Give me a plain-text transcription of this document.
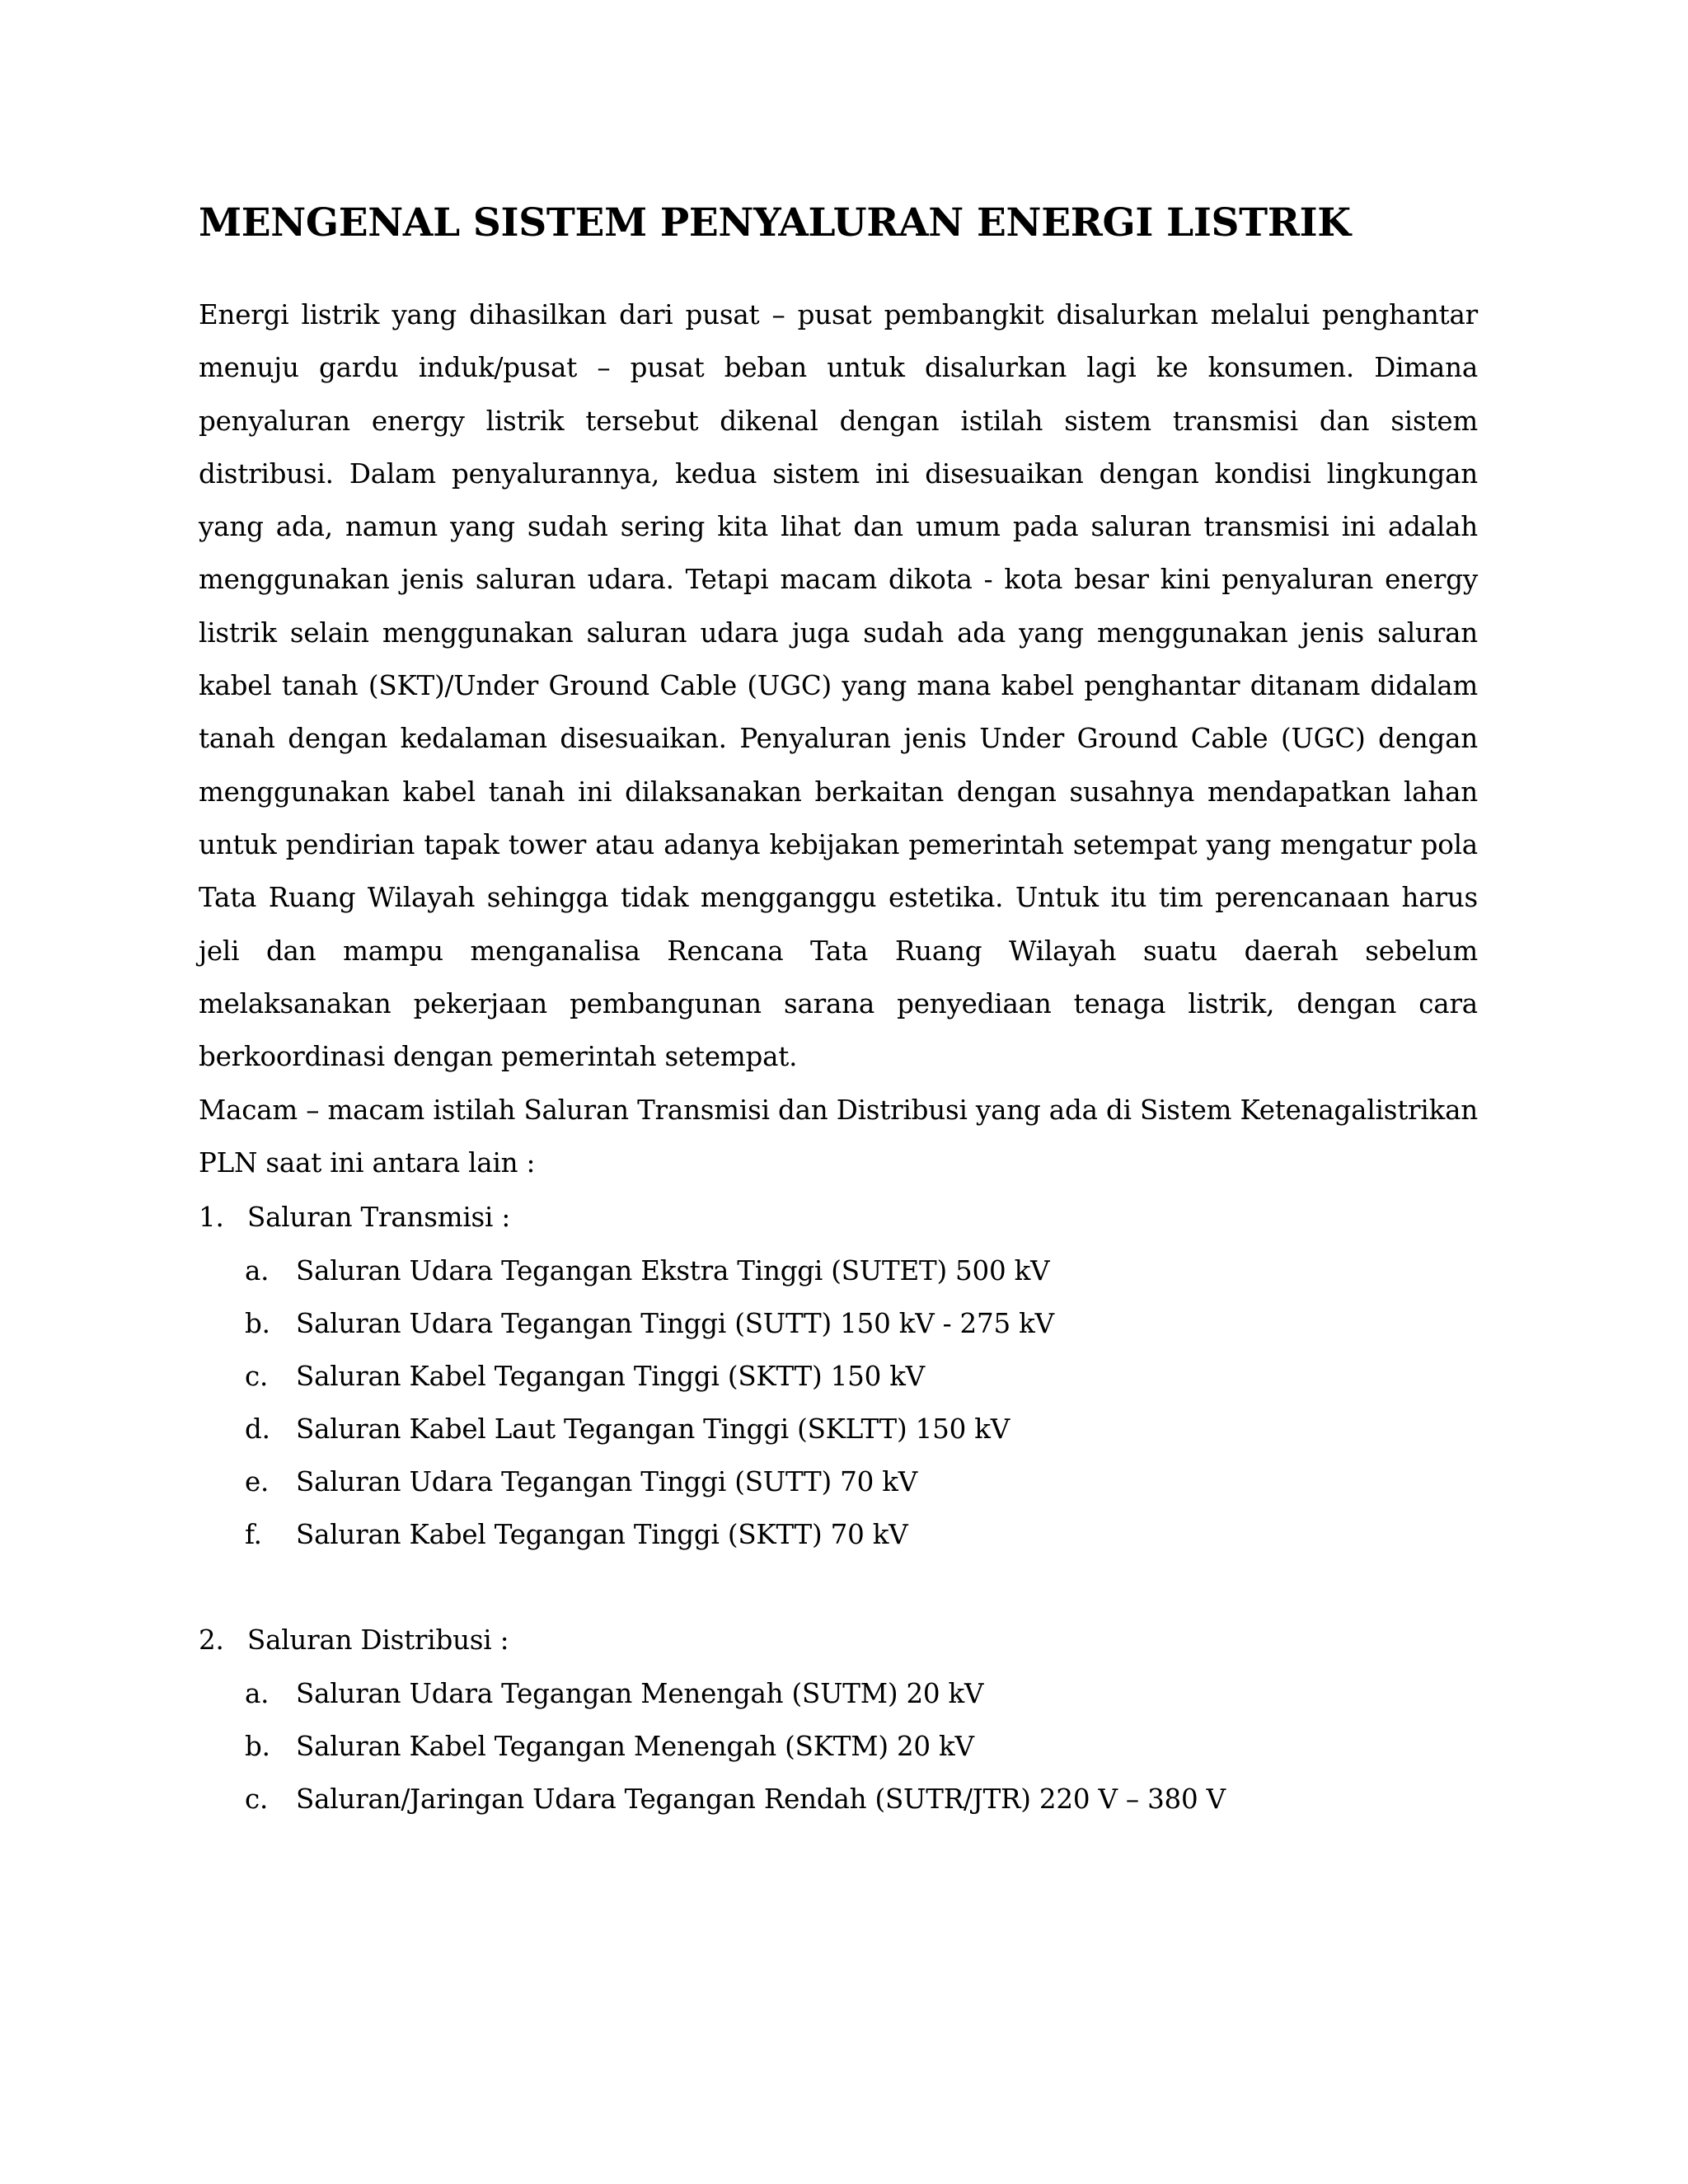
MENGENAL SISTEM PENYALURAN ENERGI LISTRIK

Energi listrik yang dihasilkan dari pusat – pusat pembangkit disalurkan melalui penghantar menuju gardu induk/pusat – pusat beban untuk disalurkan lagi ke konsumen. Dimana penyaluran energy listrik tersebut dikenal dengan istilah sistem transmisi dan sistem distribusi. Dalam penyalurannya, kedua sistem ini disesuaikan dengan kondisi lingkungan yang ada, namun yang sudah sering kita lihat dan umum pada saluran transmisi ini adalah menggunakan jenis saluran udara. Tetapi macam dikota - kota besar kini penyaluran energy listrik selain menggunakan saluran udara juga sudah ada yang menggunakan jenis saluran kabel tanah (SKT)/Under Ground Cable (UGC) yang mana kabel penghantar ditanam didalam tanah dengan kedalaman disesuaikan. Penyaluran jenis Under Ground Cable (UGC) dengan menggunakan kabel tanah ini dilaksanakan berkaitan dengan susahnya mendapatkan lahan untuk pendirian tapak tower atau adanya kebijakan pemerintah setempat yang mengatur pola Tata Ruang Wilayah sehingga tidak mengganggu estetika. Untuk itu tim perencanaan harus jeli dan mampu menganalisa Rencana Tata Ruang Wilayah suatu daerah sebelum melaksanakan pekerjaan pembangunan sarana penyediaan tenaga listrik, dengan cara berkoordinasi dengan pemerintah setempat.

Macam – macam istilah Saluran Transmisi dan Distribusi yang ada di Sistem Ketenagalistrikan PLN saat ini antara lain :

1. Saluran Transmisi :
a. Saluran Udara Tegangan Ekstra Tinggi (SUTET) 500 kV
b. Saluran Udara Tegangan Tinggi (SUTT) 150 kV - 275 kV
c. Saluran Kabel Tegangan Tinggi (SKTT) 150 kV
d. Saluran Kabel Laut Tegangan Tinggi (SKLTT) 150 kV
e. Saluran Udara Tegangan Tinggi (SUTT) 70 kV
f. Saluran Kabel Tegangan Tinggi (SKTT) 70 kV
2. Saluran Distribusi :
a. Saluran Udara Tegangan Menengah (SUTM) 20 kV
b. Saluran Kabel Tegangan Menengah (SKTM) 20 kV
c. Saluran/Jaringan Udara Tegangan Rendah (SUTR/JTR) 220 V – 380 V
